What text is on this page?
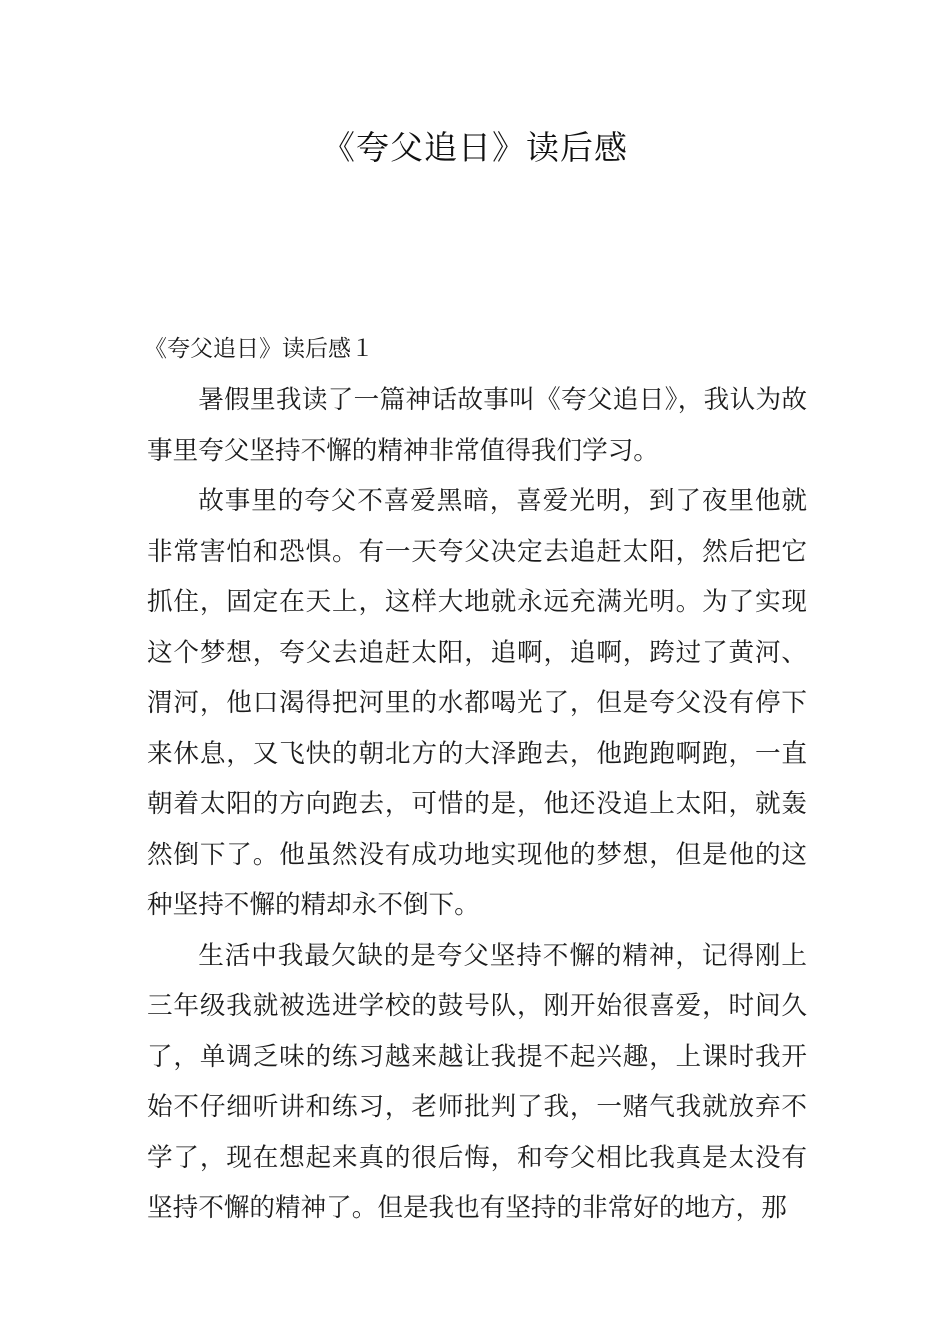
《夸父追日》读后感
《夸父追日》读后感１

暑假里我读了一篇神话故事叫《夸父追日》，我认为故事里夸父坚持不懈的精神非常值得我们学习。

故事里的夸父不喜爱黑暗，喜爱光明，到了夜里他就非常害怕和恐惧。有一天夸父决定去追赶太阳，然后把它抓住，固定在天上，这样大地就永远充满光明。为了实现这个梦想，夸父去追赶太阳，追啊，追啊，跨过了黄河、渭河，他口渴得把河里的水都喝光了，但是夸父没有停下来休息，又飞快的朝北方的大泽跑去，他跑跑啊跑，一直朝着太阳的方向跑去，可惜的是，他还没追上太阳，就轰然倒下了。他虽然没有成功地实现他的梦想，但是他的这种坚持不懈的精却永不倒下。

生活中我最欠缺的是夸父坚持不懈的精神，记得刚上三年级我就被选进学校的鼓号队，刚开始很喜爱，时间久了，单调乏味的练习越来越让我提不起兴趣，上课时我开始不仔细听讲和练习，老师批判了我，一赌气我就放弃不学了，现在想起来真的很后悔，和夸父相比我真是太没有坚持不懈的精神了。但是我也有坚持的非常好的地方，那
